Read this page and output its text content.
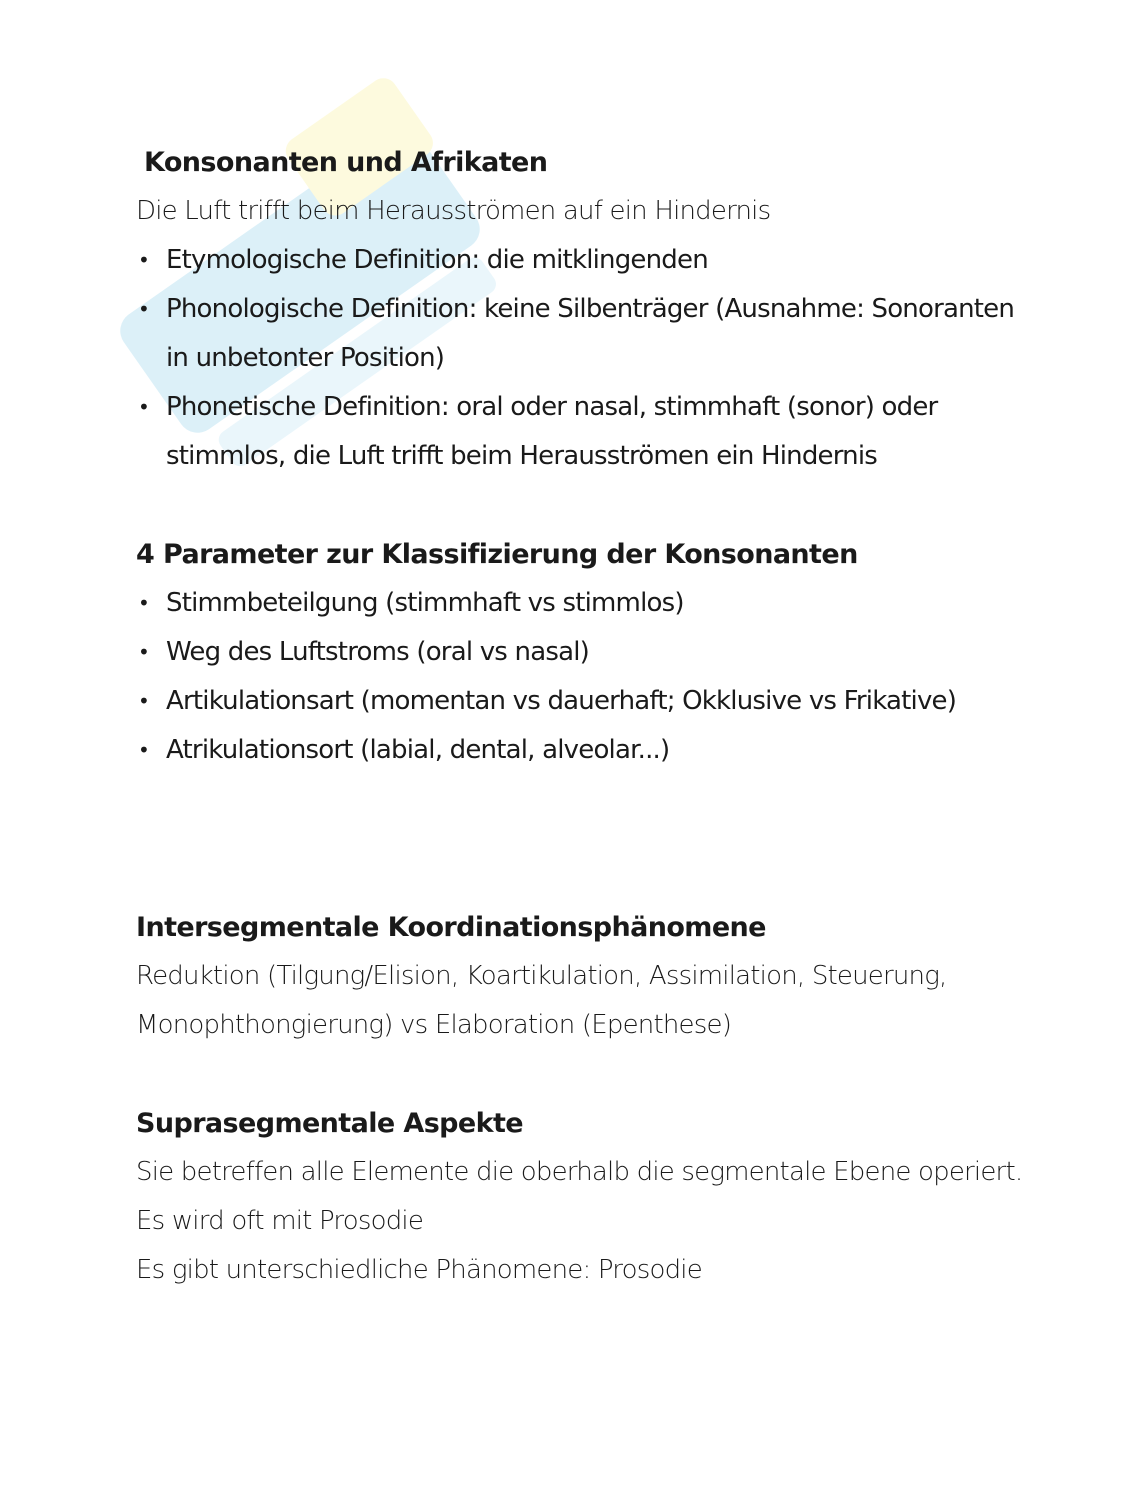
Konsonanten und Afrikaten

Die Luft trifft beim Herausströmen auf ein Hindernis

• Etymologische Definition: die mitklingenden
• Phonologische Definition: keine Silbenträger (Ausnahme: Sonoranten in unbetonter Position)
• Phonetische Definition: oral oder nasal, stimmhaft (sonor) oder stimmlos, die Luft trifft beim Herausströmen ein Hindernis
4 Parameter zur Klassifizierung der Konsonanten
• Stimmbeteilgung (stimmhaft vs stimmlos)
• Weg des Luftstroms (oral vs nasal)
• Artikulationsart (momentan vs dauerhaft; Okklusive vs Frikative)
• Atrikulationsort (labial, dental, alveolar...)
Intersegmentale Koordinationsphänomene

Reduktion (Tilgung/Elision, Koartikulation, Assimilation, Steuerung,

Monophthongierung) vs Elaboration (Epenthese)

Suprasegmentale Aspekte

Sie betreffen alle Elemente die oberhalb die segmentale Ebene operiert.

Es wird oft mit Prosodie

Es gibt unterschiedliche Phänomene: Prosodie
